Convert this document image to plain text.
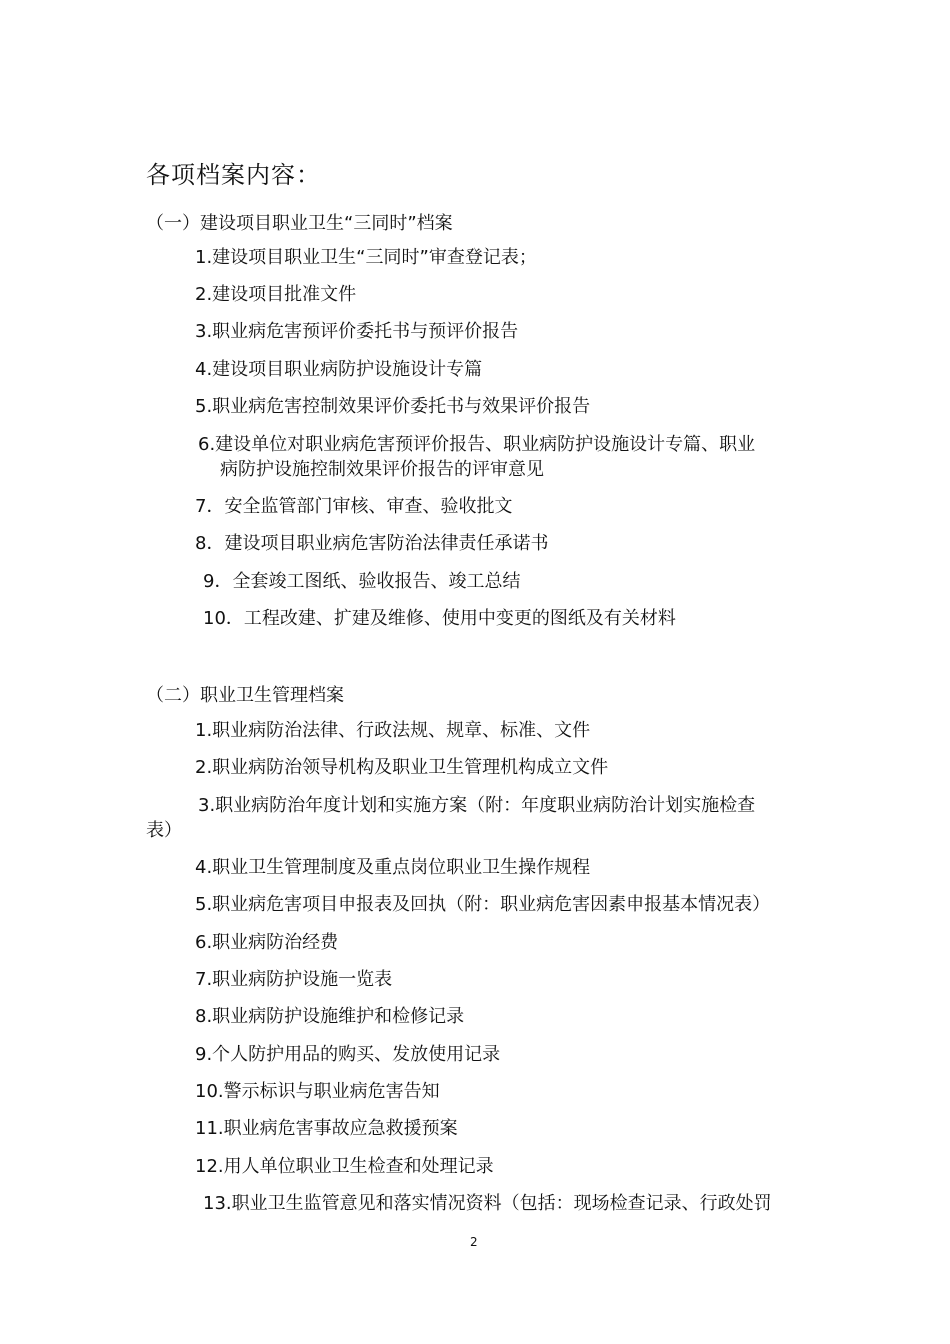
各项档案内容：
（一）建设项目职业卫生“三同时”档案
1.建设项目职业卫生“三同时”审查登记表；
2.建设项目批准文件
3.职业病危害预评价委托书与预评价报告
4.建设项目职业病防护设施设计专篇
5.职业病危害控制效果评价委托书与效果评价报告
6.建设单位对职业病危害预评价报告、职业病防护设施设计专篇、职业
病防护设施控制效果评价报告的评审意见
7．安全监管部门审核、审查、验收批文
8．建设项目职业病危害防治法律责任承诺书
9．全套竣工图纸、验收报告、竣工总结
10．工程改建、扩建及维修、使用中变更的图纸及有关材料
（二）职业卫生管理档案
1.职业病防治法律、行政法规、规章、标准、文件
2.职业病防治领导机构及职业卫生管理机构成立文件
3.职业病防治年度计划和实施方案（附：年度职业病防治计划实施检查
表）
4.职业卫生管理制度及重点岗位职业卫生操作规程
5.职业病危害项目申报表及回执（附：职业病危害因素申报基本情况表）
6.职业病防治经费
7.职业病防护设施一览表
8.职业病防护设施维护和检修记录
9.个人防护用品的购买、发放使用记录
10.警示标识与职业病危害告知
11.职业病危害事故应急救援预案
12.用人单位职业卫生检查和处理记录
13.职业卫生监管意见和落实情况资料（包括：现场检查记录、行政处罚
2
